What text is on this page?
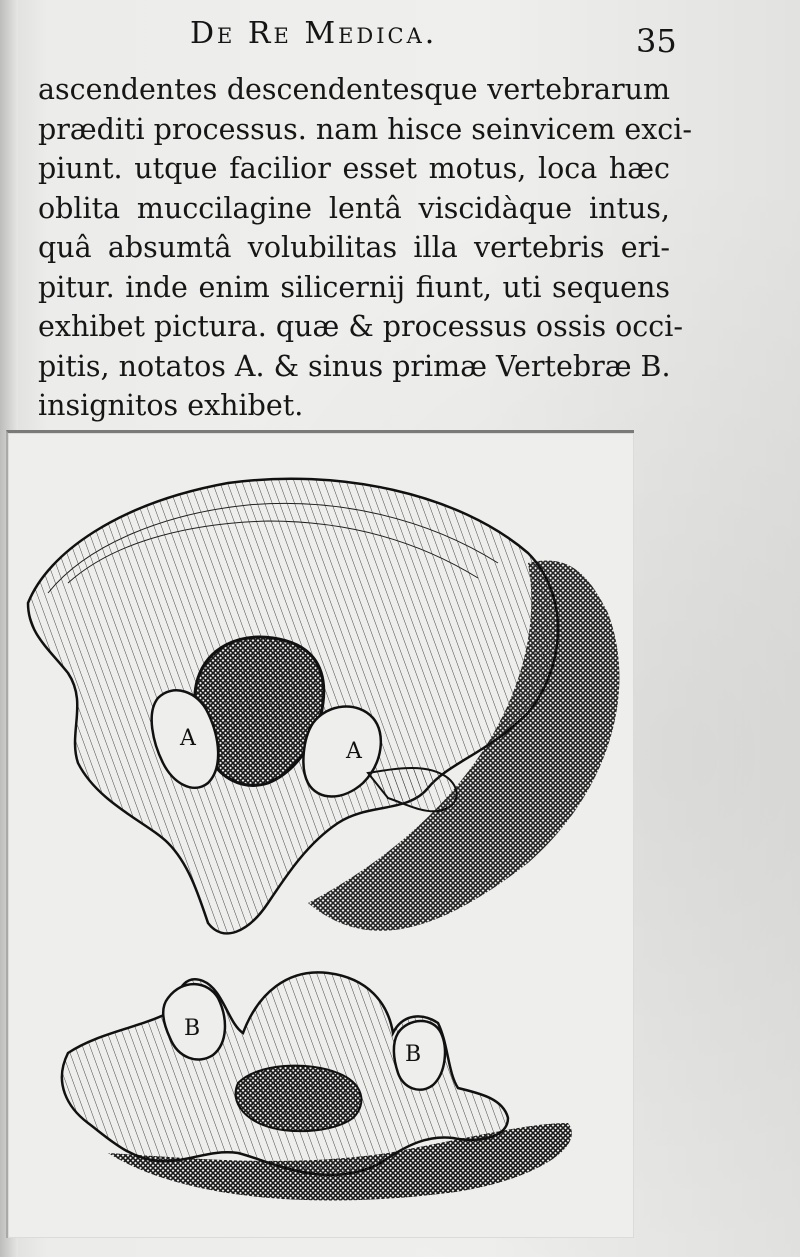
De Re Medica.	35
ascendentes descendentesque vertebrarum
præditi processus. nam hisce seinvicem exci-
piunt. utque facilior esset motus, loca hæc
oblita muccilagine lentâ viscidàque intus,
quâ absumtâ volubilitas illa vertebris eri-
pitur. inde enim silicernij fiunt, uti sequens
exhibet pictura. quæ & processus ossis occi-
pitis, notatos A. & sinus primæ Vertebræ B.
insignitos exhibet.
A
A
B
B
